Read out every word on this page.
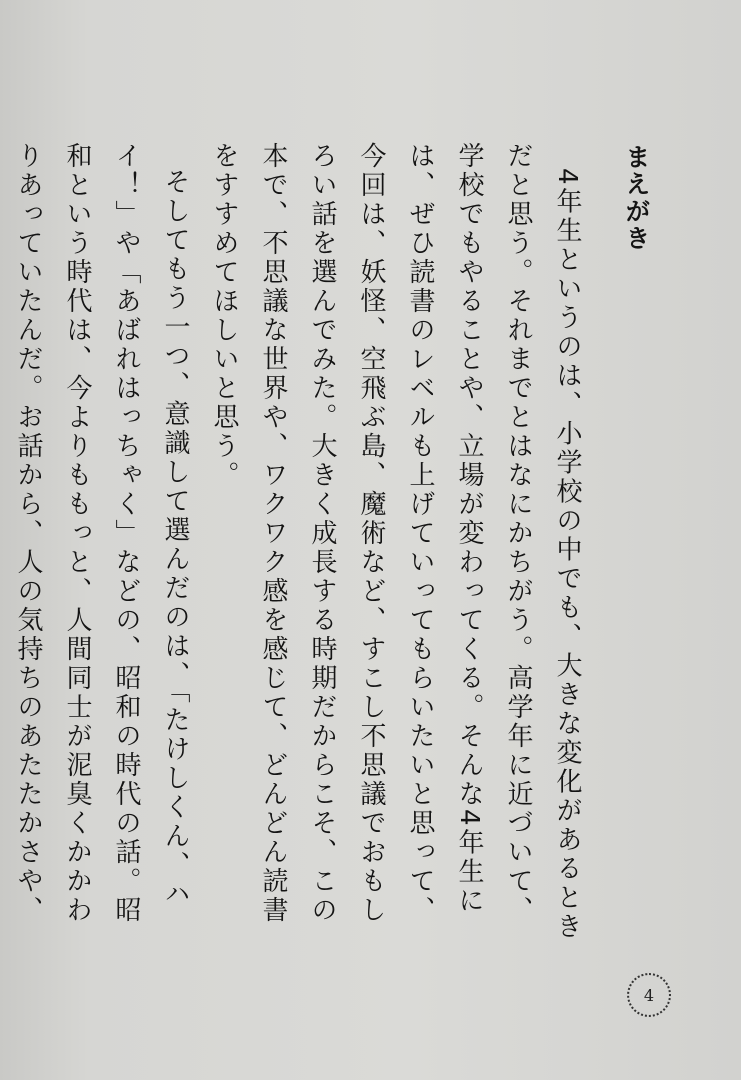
まえがき

4年生というのは、小学校の中でも、大きな変化があるときだと思う。それまでとはなにかちがう。高学年に近づいて、学校でもやることや、立場が変わってくる。そんな4年生には、ぜひ読書のレベルも上げていってもらいたいと思って、今回は、妖怪、空飛ぶ島、魔術など、すこし不思議でおもしろい話を選んでみた。大きく成長する時期だからこそ、この本で、不思議な世界や、ワクワク感を感じて、どんどん読書をすすめてほしいと思う。

そしてもう一つ、意識して選んだのは、「たけしくん、ハイ！」や「あばれはっちゃく」などの、昭和の時代の話。昭和という時代は、今よりももっと、人間同士が泥臭くかかわりあっていたんだ。お話から、人の気持ちのあたたかさや、

4
